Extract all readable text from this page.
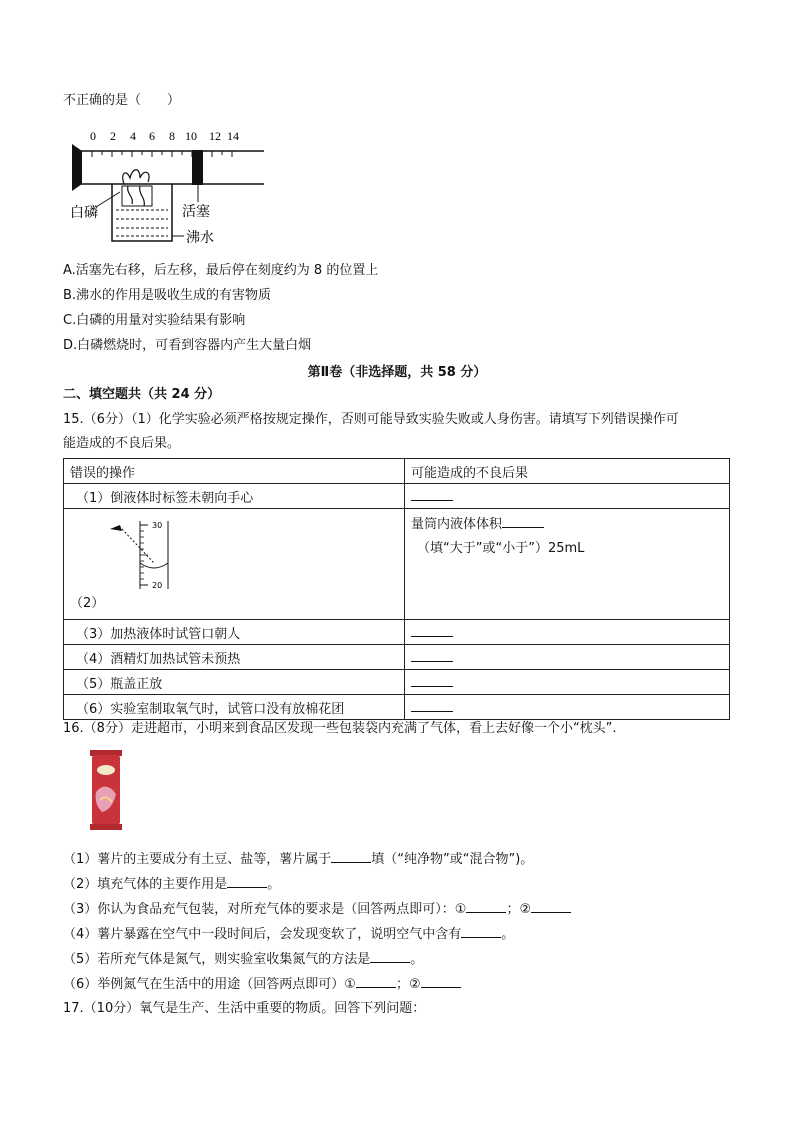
不正确的是（　　）
0 2 4 6 8 10 12 14
白磷	活塞
沸水
A.活塞先右移，后左移，最后停在刻度约为 8 的位置上
B.沸水的作用是吸收生成的有害物质
C.白磷的用量对实验结果有影响
D.白磷燃烧时，可看到容器内产生大量白烟
第Ⅱ卷（非选择题，共 58 分）
二、填空题共（共 24 分）
15.（6分）（1）化学实验必须严格按规定操作，否则可能导致实验失败或人身伤害。请填写下列错误操作可
能造成的不良后果。
错误的操作	可能造成的不良后果
（1）倒液体时标签未朝向手心	

30
20
（2）	量筒内液体体积
（填“大于”或“小于”）25mL
（3）加热液体时试管口朝人	
（4）酒精灯加热试管未预热	
（5）瓶盖正放	
（6）实验室制取氧气时，试管口没有放棉花团	
16.（8分）走进超市，小明来到食品区发现一些包装袋内充满了气体，看上去好像一个小“枕头”.
（1）薯片的主要成分有土豆、盐等，薯片属于	填（“纯净物”或“混合物”)。
（2）填充气体的主要作用是	。
（3）你认为食品充气包装，对所充气体的要求是（回答两点即可）：①	；②
（4）薯片暴露在空气中一段时间后，会发现变软了，说明空气中含有	。
（5）若所充气体是氮气，则实验室收集氮气的方法是	。
（6）举例氮气在生活中的用途（回答两点即可）①	；②
17.（10分）氧气是生产、生活中重要的物质。回答下列问题：
